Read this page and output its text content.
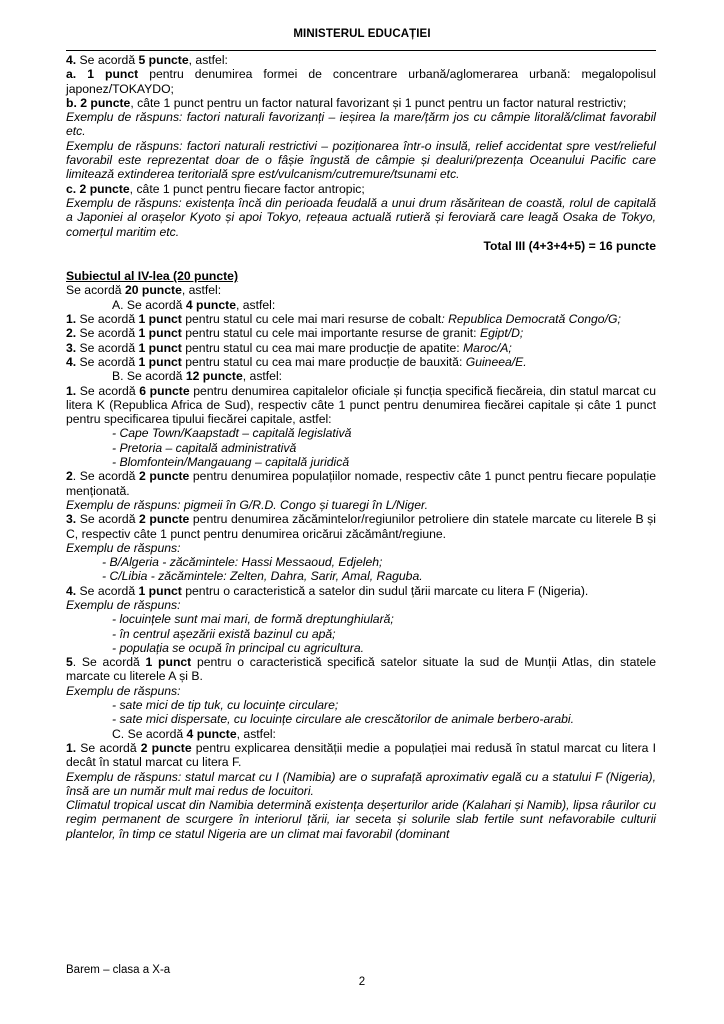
MINISTERUL EDUCAȚIEI

4. Se acordă 5 puncte, astfel:

a. 1 punct pentru denumirea formei de concentrare urbană/aglomerarea urbană: megalopolisul japonez/TOKAYDO;

b. 2 puncte, câte 1 punct pentru un factor natural favorizant și 1 punct pentru un factor natural restrictiv;

Exemplu de răspuns: factori naturali favorizanți – ieșirea la mare/țărm jos cu câmpie litorală/climat favorabil etc.

Exemplu de răspuns: factori naturali restrictivi – poziționarea într-o insulă, relief accidentat spre vest/relieful favorabil este reprezentat doar de o fâșie îngustă de câmpie și dealuri/prezența Oceanului Pacific care limitează extinderea teritorială spre est/vulcanism/cutremure/tsunami etc.

c. 2 puncte, câte 1 punct pentru fiecare factor antropic;

Exemplu de răspuns: existența încă din perioada feudală a unui drum răsăritean de coastă, rolul de capitală a Japoniei al orașelor Kyoto și apoi Tokyo, rețeaua actuală rutieră și feroviară care leagă Osaka de Tokyo, comerțul maritim etc.

Total III (4+3+4+5) = 16 puncte

Subiectul al IV-lea (20 puncte)

Se acordă 20 puncte, astfel:

A. Se acordă 4 puncte, astfel:

1. Se acordă 1 punct pentru statul cu cele mai mari resurse de cobalt: Republica Democrată Congo/G;

2. Se acordă 1 punct pentru statul cu cele mai importante resurse de granit: Egipt/D;

3. Se acordă 1 punct pentru statul cu cea mai mare producție de apatite: Maroc/A;

4. Se acordă 1 punct pentru statul cu cea mai mare producție de bauxită: Guineea/E.

B. Se acordă 12 puncte, astfel:

1. Se acordă 6 puncte pentru denumirea capitalelor oficiale și funcția specifică fiecăreia, din statul marcat cu litera K (Republica Africa de Sud), respectiv câte 1 punct pentru denumirea fiecărei capitale și câte 1 punct pentru specificarea tipului fiecărei capitale, astfel:

- Cape Town/Kaapstadt – capitală legislativă

- Pretoria – capitală administrativă

- Blomfontein/Mangauang – capitală juridică

2. Se acordă 2 puncte pentru denumirea populațiilor nomade, respectiv câte 1 punct pentru fiecare populație menționată.

Exemplu de răspuns: pigmeii în G/R.D. Congo și tuaregi în L/Niger.

3. Se acordă 2 puncte pentru denumirea zăcămintelor/regiunilor petroliere din statele marcate cu literele B și C, respectiv câte 1 punct pentru denumirea oricărui zăcământ/regiune.

Exemplu de răspuns:

- B/Algeria - zăcămintele: Hassi Messaoud, Edjeleh;

- C/Libia - zăcămintele: Zelten, Dahra, Sarir, Amal, Raguba.

4. Se acordă 1 punct pentru o caracteristică a satelor din sudul țării marcate cu litera F (Nigeria).

Exemplu de răspuns:

- locuințele sunt mai mari, de formă dreptunghiulară;

- în centrul așezării există bazinul cu apă;

- populația se ocupă în principal cu agricultura.

5. Se acordă 1 punct pentru o caracteristică specifică satelor situate la sud de Munții Atlas, din statele marcate cu literele A și B.

Exemplu de răspuns:

- sate mici de tip tuk, cu locuințe circulare;

- sate mici dispersate, cu locuințe circulare ale crescătorilor de animale berbero-arabi.

C. Se acordă 4 puncte, astfel:

1. Se acordă 2 puncte pentru explicarea densității medie a populației mai redusă în statul marcat cu litera I decât în statul marcat cu litera F.

Exemplu de răspuns: statul marcat cu I (Namibia) are o suprafață aproximativ egală cu a statului F (Nigeria), însă are un număr mult mai redus de locuitori.

Climatul tropical uscat din Namibia determină existența deșerturilor aride (Kalahari și Namib), lipsa râurilor cu regim permanent de scurgere în interiorul țării, iar seceta și solurile slab fertile sunt nefavorabile culturii plantelor, în timp ce statul Nigeria are un climat mai favorabil (dominant

Barem – clasa a X-a
2
